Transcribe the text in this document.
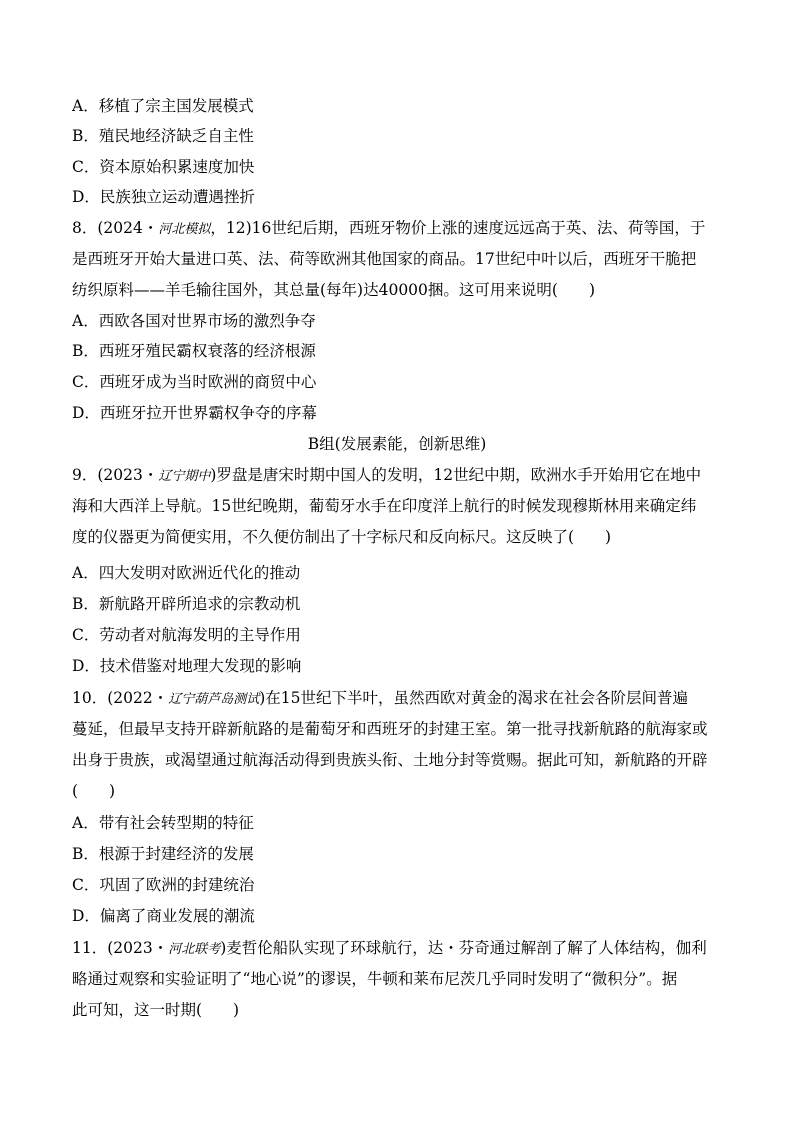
A．移植了宗主国发展模式
B．殖民地经济缺乏自主性
C．资本原始积累速度加快
D．民族独立运动遭遇挫折
8．(2024・河北模拟，12)16世纪后期，西班牙物价上涨的速度远远高于英、法、荷等国，于
是西班牙开始大量进口英、法、荷等欧洲其他国家的商品。17世纪中叶以后，西班牙干脆把
纺织原料——羊毛输往国外，其总量(每年)达40000捆。这可用来说明(　　)
A．西欧各国对世界市场的激烈争夺
B．西班牙殖民霸权衰落的经济根源
C．西班牙成为当时欧洲的商贸中心
D．西班牙拉开世界霸权争夺的序幕
B组(发展素能，创新思维)
9．(2023・辽宁期中)罗盘是唐宋时期中国人的发明，12世纪中期，欧洲水手开始用它在地中
海和大西洋上导航。15世纪晚期，葡萄牙水手在印度洋上航行的时候发现穆斯林用来确定纬
度的仪器更为简便实用，不久便仿制出了十字标尺和反向标尺。这反映了(　　)
A．四大发明对欧洲近代化的推动
B．新航路开辟所追求的宗教动机
C．劳动者对航海发明的主导作用
D．技术借鉴对地理大发现的影响
10．(2022・辽宁葫芦岛测试)在15世纪下半叶，虽然西欧对黄金的渴求在社会各阶层间普遍
蔓延，但最早支持开辟新航路的是葡萄牙和西班牙的封建王室。第一批寻找新航路的航海家或
出身于贵族，或渴望通过航海活动得到贵族头衔、土地分封等赏赐。据此可知，新航路的开辟
(　　)
A．带有社会转型期的特征
B．根源于封建经济的发展
C．巩固了欧洲的封建统治
D．偏离了商业发展的潮流
11．(2023・河北联考)麦哲伦船队实现了环球航行，达・芬奇通过解剖了解了人体结构，伽利
略通过观察和实验证明了“地心说”的谬误，牛顿和莱布尼茨几乎同时发明了“微积分”。据
此可知，这一时期(　　)
